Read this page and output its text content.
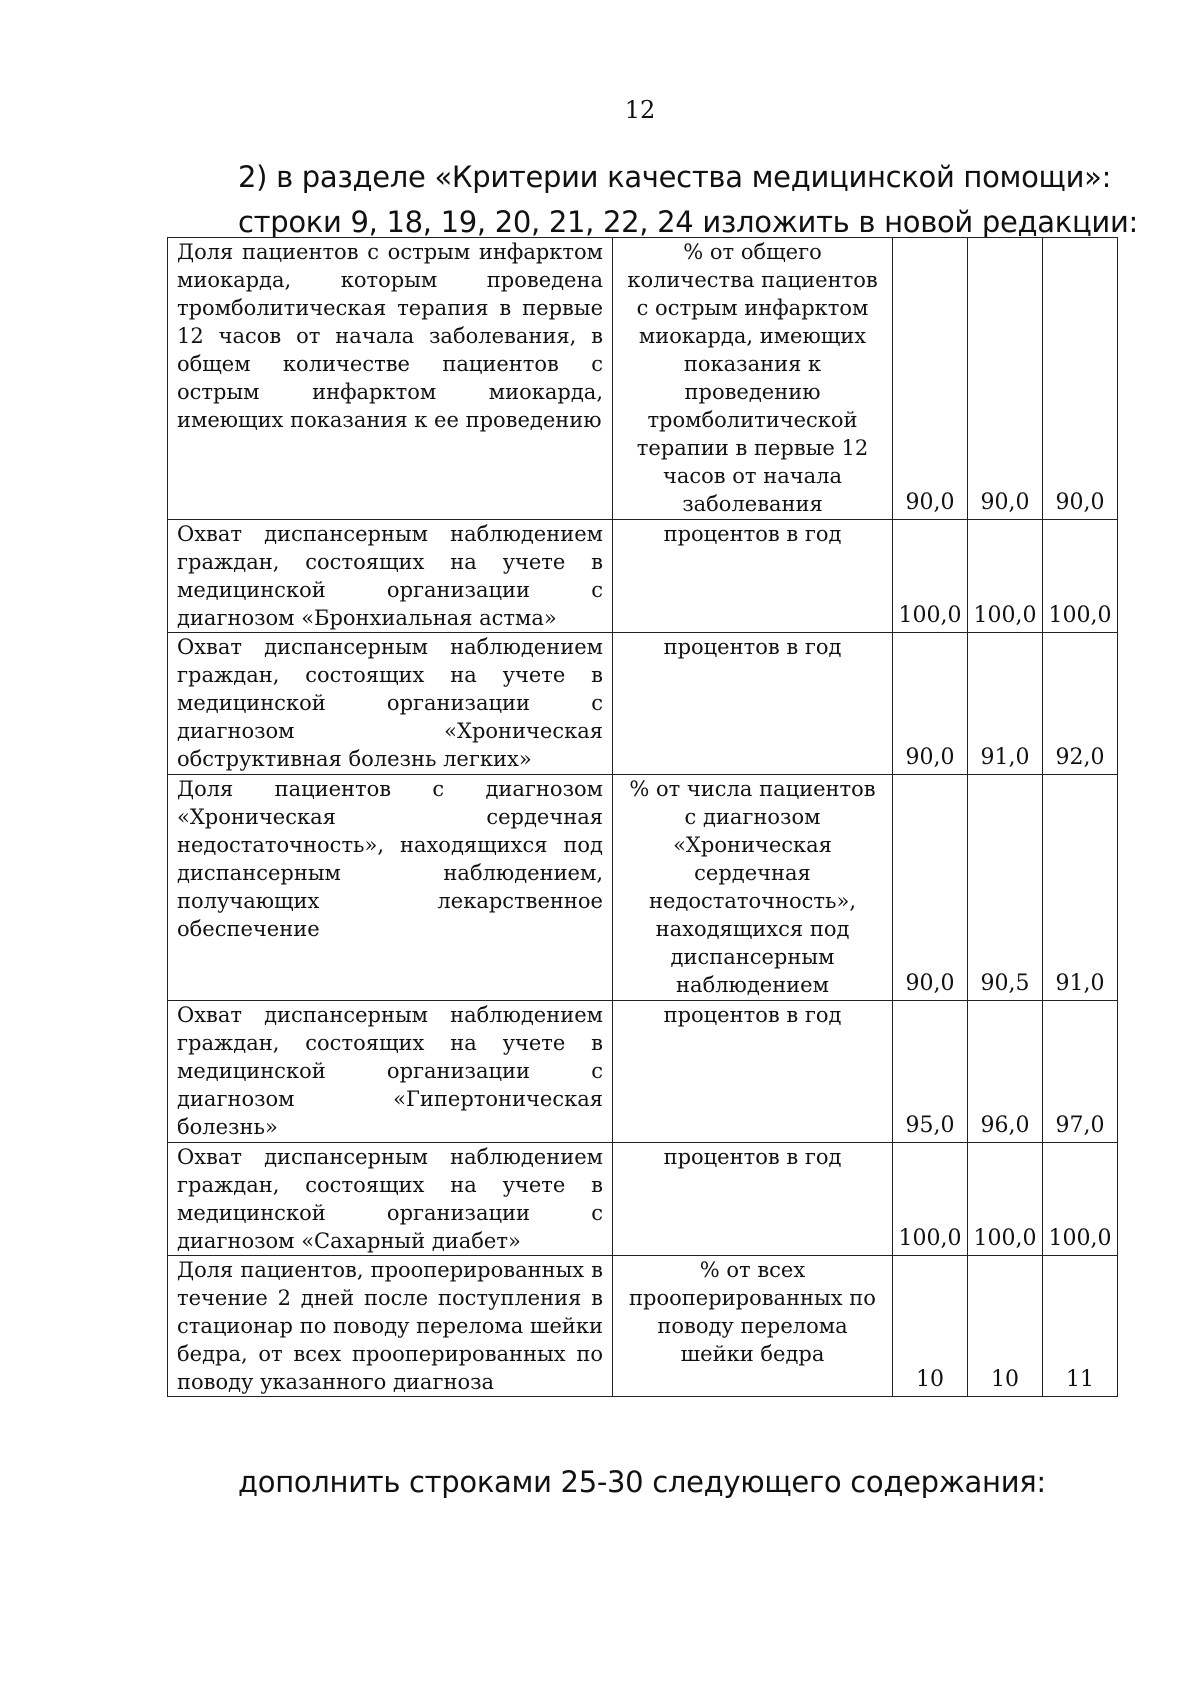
12
2) в разделе «Критерии качества медицинской помощи»:
строки 9, 18, 19, 20, 21, 22, 24 изложить в новой редакции:
Доля пациентов с острым инфарктом миокарда, которым проведена тромболитическая терапия в первые 12 часов от начала заболевания, в общем количестве пациентов с острым инфарктом миокарда, имеющих показания к ее проведению	% от общего количества пациентов с острым инфарктом миокарда, имеющих показания к проведению тромболитической терапии в первые 12 часов от начала заболевания	90,0	90,0	90,0
Охват диспансерным наблюдением граждан, состоящих на учете в медицинской организации с диагнозом «Бронхиальная астма»	процентов в год	100,0	100,0	100,0
Охват диспансерным наблюдением граждан, состоящих на учете в медицинской организации с диагнозом «Хроническая обструктивная болезнь легких»	процентов в год	90,0	91,0	92,0
Доля пациентов с диагнозом «Хроническая сердечная недостаточность», находящихся под диспансерным наблюдением, получающих лекарственное обеспечение	% от числа пациентов с диагнозом «Хроническая сердечная недостаточность», находящихся под диспансерным наблюдением	90,0	90,5	91,0
Охват диспансерным наблюдением граждан, состоящих на учете в медицинской организации с диагнозом «Гипертоническая болезнь»	процентов в год	95,0	96,0	97,0
Охват диспансерным наблюдением граждан, состоящих на учете в медицинской организации с диагнозом «Сахарный диабет»	процентов в год	100,0	100,0	100,0
Доля пациентов, прооперированных в течение 2 дней после поступления в стационар по поводу перелома шейки бедра, от всех прооперированных по поводу указанного диагноза	% от всех прооперированных по поводу перелома шейки бедра	10	10	11
дополнить строками 25-30 следующего содержания:
